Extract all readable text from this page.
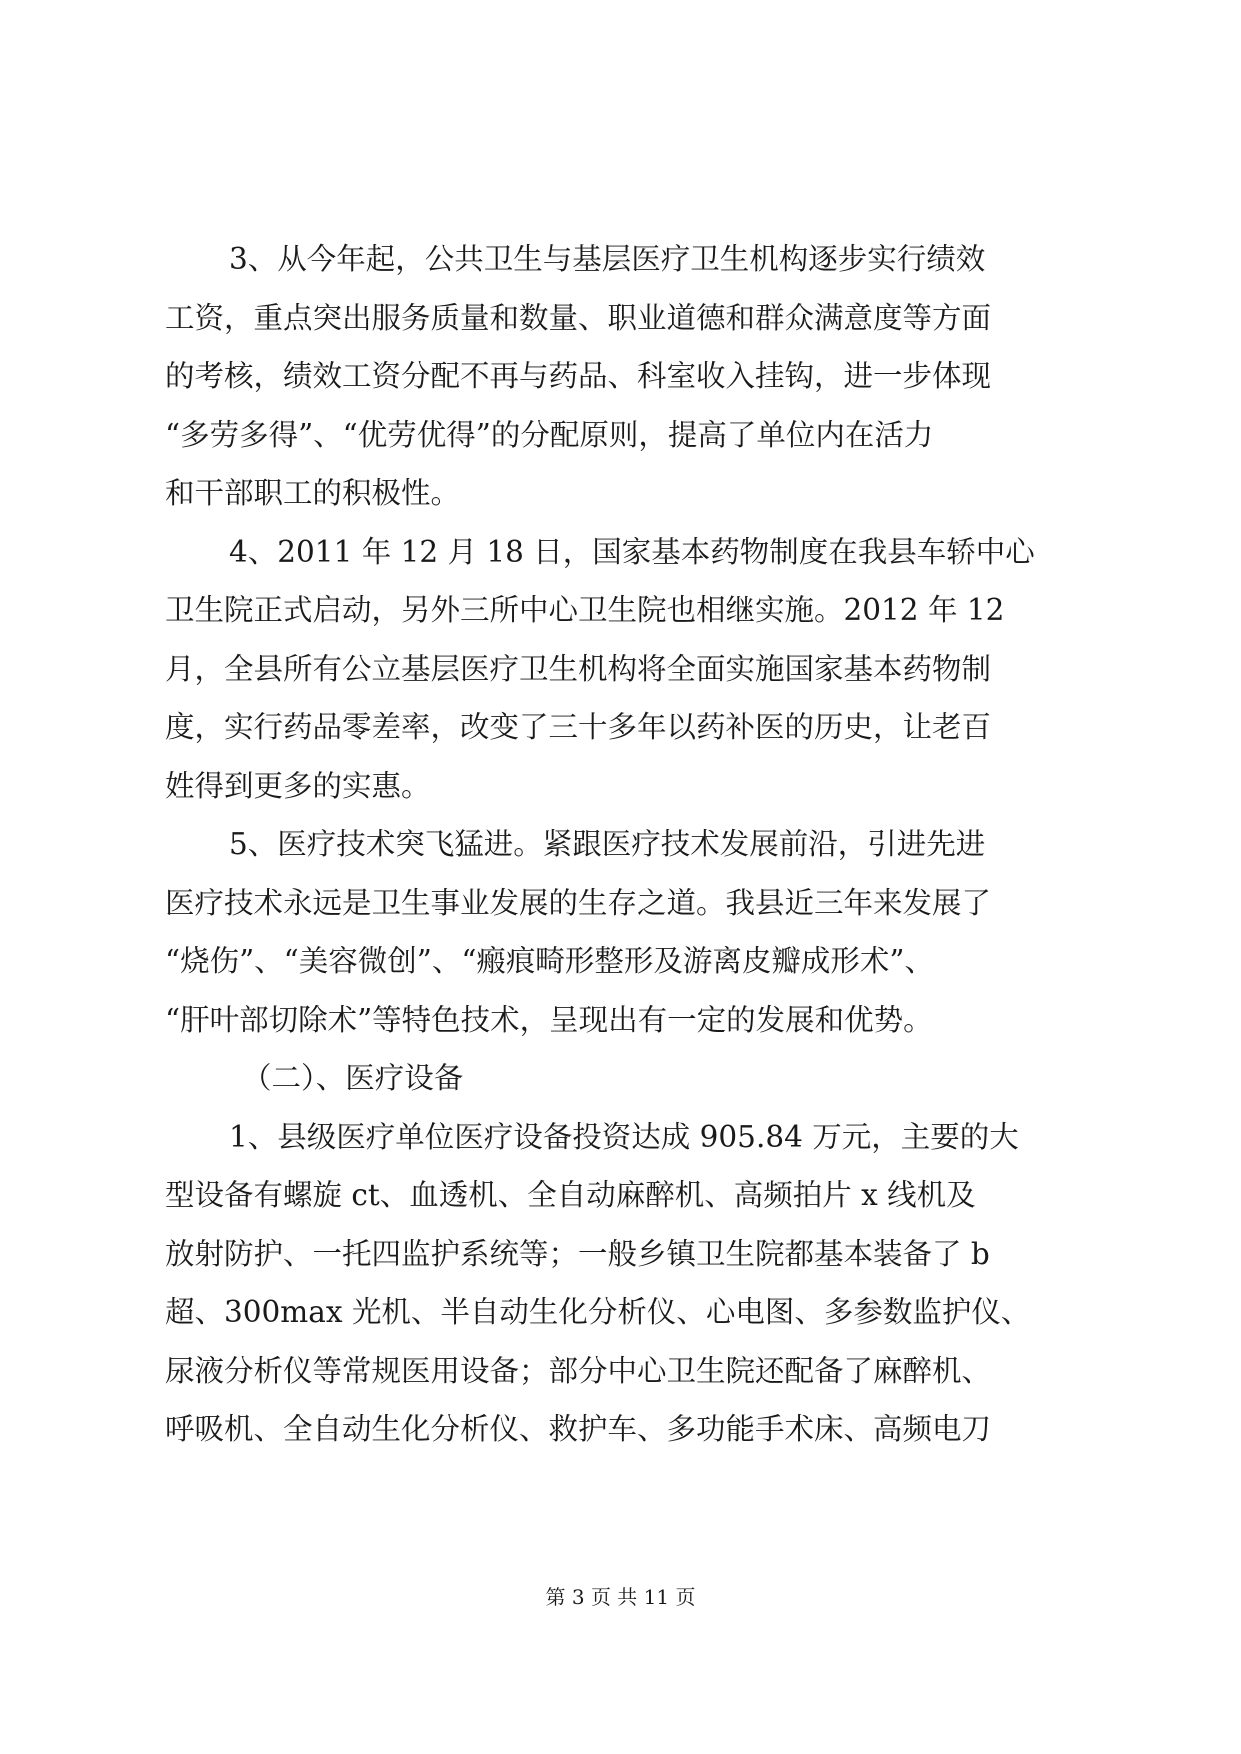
3、从今年起，公共卫生与基层医疗卫生机构逐步实行绩效
工资，重点突出服务质量和数量、职业道德和群众满意度等方面
的考核，绩效工资分配不再与药品、科室收入挂钩，进一步体现
“多劳多得”、“优劳优得”的分配原则，提高了单位内在活力
和干部职工的积极性。
4、2011 年 12 月 18 日，国家基本药物制度在我县车轿中心
卫生院正式启动，另外三所中心卫生院也相继实施。2012 年 12
月，全县所有公立基层医疗卫生机构将全面实施国家基本药物制
度，实行药品零差率，改变了三十多年以药补医的历史，让老百
姓得到更多的实惠。
5、医疗技术突飞猛进。紧跟医疗技术发展前沿，引进先进
医疗技术永远是卫生事业发展的生存之道。我县近三年来发展了
“烧伤”、“美容微创”、“瘢痕畸形整形及游离皮瓣成形术”、
“肝叶部切除术”等特色技术，呈现出有一定的发展和优势。
（二）、医疗设备
1、县级医疗单位医疗设备投资达成 905.84 万元，主要的大
型设备有螺旋 ct、血透机、全自动麻醉机、高频拍片 x 线机及
放射防护、一托四监护系统等；一般乡镇卫生院都基本装备了 b
超、300max 光机、半自动生化分析仪、心电图、多参数监护仪、
尿液分析仪等常规医用设备；部分中心卫生院还配备了麻醉机、
呼吸机、全自动生化分析仪、救护车、多功能手术床、高频电刀
第 3 页 共 11 页
